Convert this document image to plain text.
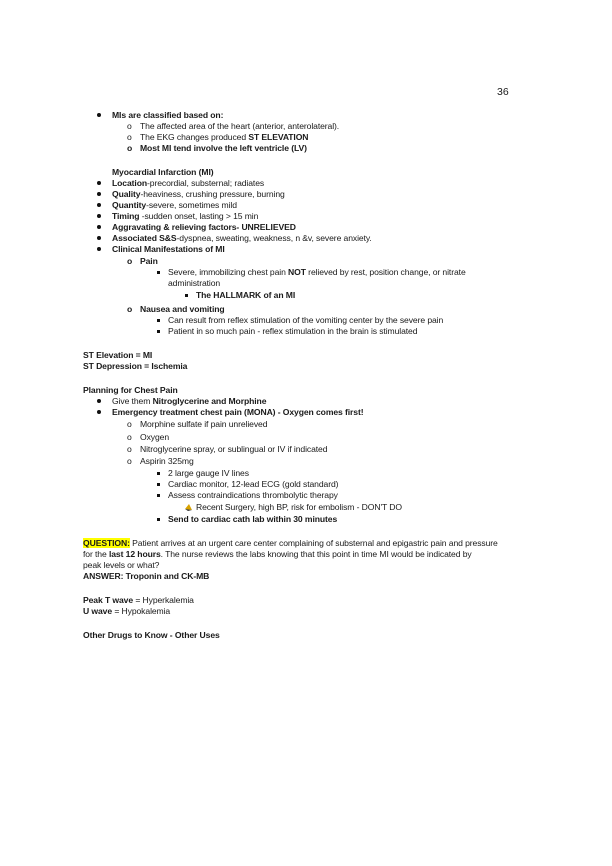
36
MIs are classified based on:
o The affected area of the heart (anterior, anterolateral).
o The EKG changes produced ST ELEVATION
o Most MI tend involve the left ventricle (LV)
Myocardial Infarction (MI)
Location-precordial, substernal; radiates
Quality-heaviness, crushing pressure, burning
Quantity-severe, sometimes mild
Timing -sudden onset, lasting > 15 min
Aggravating & relieving factors- UNRELIEVED
Associated S&S-dyspnea, sweating, weakness, n &v, severe anxiety.
Clinical Manifestations of MI
o Pain
Severe, immobilizing chest pain NOT relieved by rest, position change, or nitrate
administration
The HALLMARK of an MI
o Nausea and vomiting
Can result from reflex stimulation of the vomiting center by the severe pain
Patient in so much pain - reflex stimulation in the brain is stimulated
ST Elevation = MI
ST Depression = Ischemia
Planning for Chest Pain
Give them Nitroglycerine and Morphine
Emergency treatment chest pain (MONA) - Oxygen comes first!
o Morphine sulfate if pain unrelieved
o Oxygen
o Nitroglycerine spray, or sublingual or IV if indicated
o Aspirin 325mg
2 large gauge IV lines
Cardiac monitor, 12-lead ECG (gold standard)
Assess contraindications thrombolytic therapy
Recent Surgery, high BP, risk for embolism - DON'T DO
Send to cardiac cath lab within 30 minutes
QUESTION: Patient arrives at an urgent care center complaining of substernal and epigastric pain and pressure
for the last 12 hours. The nurse reviews the labs knowing that this point in time MI would be indicated by
peak levels or what?
ANSWER: Troponin and CK-MB
Peak T wave = Hyperkalemia
U wave = Hypokalemia
Other Drugs to Know - Other Uses
